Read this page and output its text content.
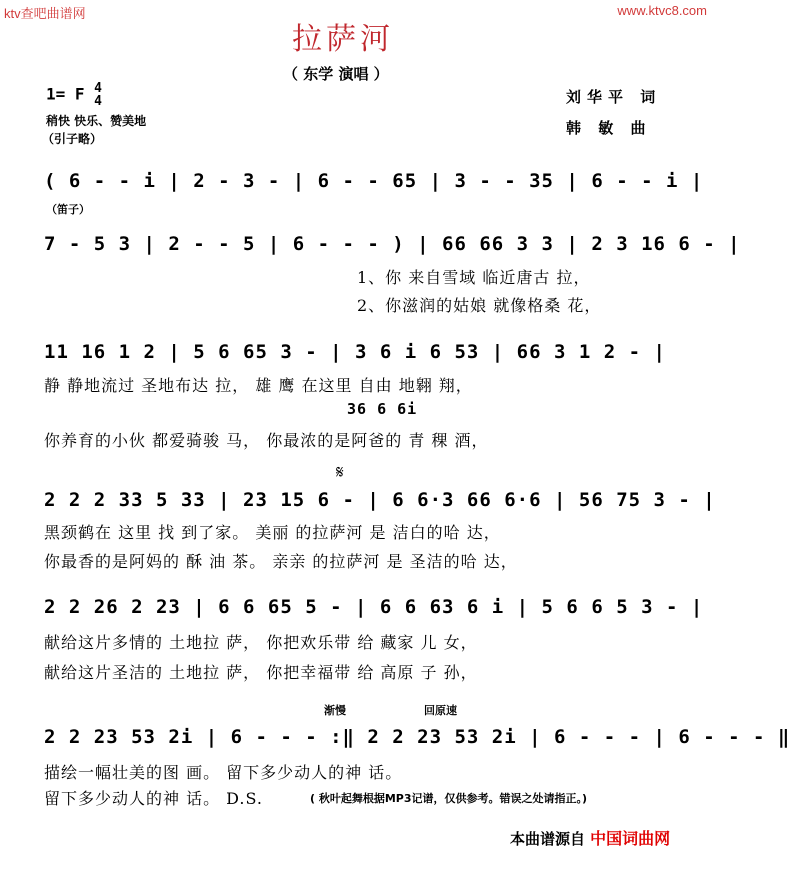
ktv查吧曲谱网	www.ktvc8.com
拉萨河
（ 东学 演唱 ）
1= F 4
4
稍快 快乐、赞美地
（引子略）
刘华平 词
韩 敏 曲
( 6 - - i | 2 - 3 - | 6 - - 65 | 3 - - 35 | 6 - - i |
（笛子）
7 - 5 3 | 2 - - 5 | 6 - - - ) | 66 66 3 3 | 2 3 16 6 - |
1、你 来自雪域 临近唐古 拉，
2、你滋润的姑娘 就像格桑 花，
11 16 1 2 | 5 6 65 3 - | 3 6 i 6 53 | 66 3 1 2 - |
静 静地流过 圣地布达 拉， 雄 鹰 在这里 自由 地翱 翔，
36 6 6i
你养育的小伙 都爱骑骏 马， 你最浓的是阿爸的 青 稞 酒，
𝄋
2 2 2 33 5 33 | 23 15 6 - | 6 6·3 66 6·6 | 56 75 3 - |
黑颈鹤在 这里 找 到了家。 美丽 的拉萨河 是 洁白的哈 达，
你最香的是阿妈的 酥 油 茶。 亲亲 的拉萨河 是 圣洁的哈 达，
2 2 26 2 23 | 6 6 65 5 - | 6 6 63 6 i | 5 6 6 5 3 - |
献给这片多情的 土地拉 萨， 你把欢乐带 给 藏家 儿 女，
献给这片圣洁的 土地拉 萨， 你把幸福带 给 高原 子 孙，
渐慢	回原速
2 2 23 53 2i | 6 - - - :‖ 2 2 23 53 2i | 6 - - - | 6 - - - ‖
描绘一幅壮美的图 画。 留下多少动人的神 话。
留下多少动人的神 话。 D.S.	( 秋叶起舞根据MP3记谱，仅供参考。错误之处请指正。)
本曲谱源自 中国词曲网
